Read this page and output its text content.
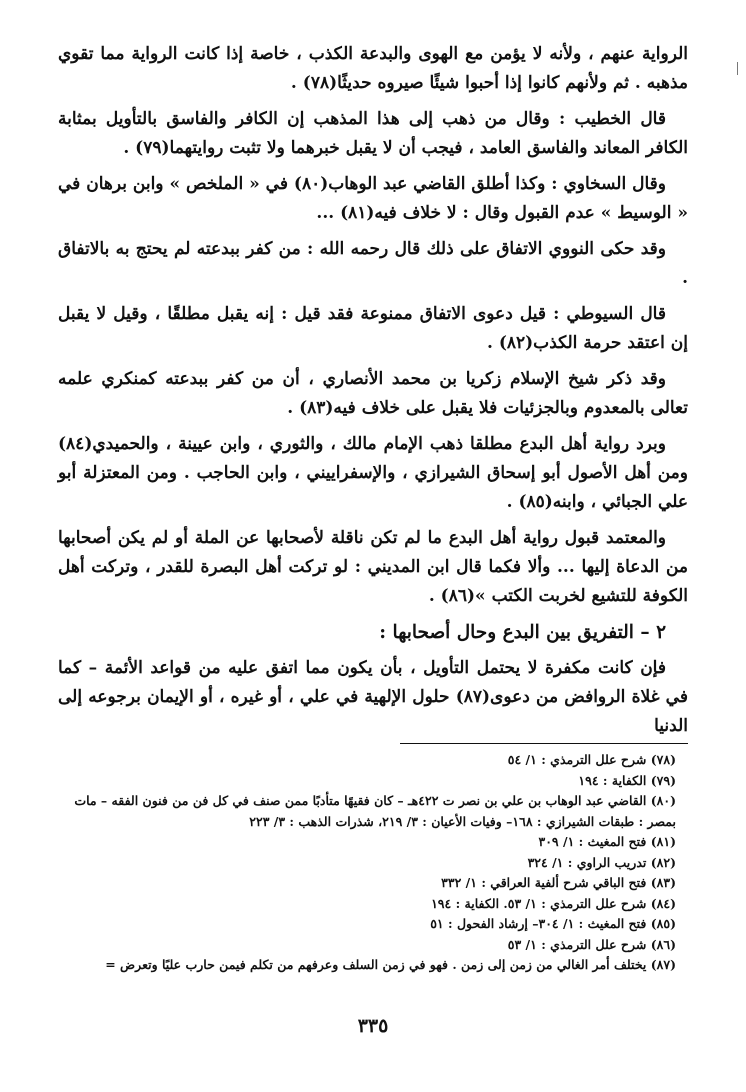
الرواية عنهم ، ولأنه لا يؤمن مع الهوى والبدعة الكذب ، خاصة إذا كانت الرواية مما تقوي مذهبه . ثم ولأنهم كانوا إذا أحبوا شيئًا صيروه حديثًا(٧٨) .

قال الخطيب : وقال من ذهب إلى هذا المذهب إن الكافر والفاسق بالتأويل بمثابة الكافر المعاند والفاسق العامد ، فيجب أن لا يقبل خبرهما ولا تثبت روايتهما(٧٩) .

وقال السخاوي : وكذا أطلق القاضي عبد الوهاب(٨٠) في « الملخص » وابن برهان في « الوسيط » عدم القبول وقال : لا خلاف فيه(٨١) ...

وقد حكى النووي الاتفاق على ذلك قال رحمه الله : من كفر ببدعته لم يحتج به بالاتفاق .

قال السيوطي : قيل دعوى الاتفاق ممنوعة فقد قيل : إنه يقبل مطلقًا ، وقيل لا يقبل إن اعتقد حرمة الكذب(٨٢) .

وقد ذكر شيخ الإسلام زكريا بن محمد الأنصاري ، أن من كفر ببدعته كمنكري علمه تعالى بالمعدوم وبالجزئيات فلا يقبل على خلاف فيه(٨٣) .

وبرد رواية أهل البدع مطلقا ذهب الإمام مالك ، والثوري ، وابن عيينة ، والحميدي(٨٤) ومن أهل الأصول أبو إسحاق الشيرازي ، والإسفراييني ، وابن الحاجب . ومن المعتزلة أبو علي الجبائي ، وابنه(٨٥) .

والمعتمد قبول رواية أهل البدع ما لم تكن ناقلة لأصحابها عن الملة أو لم يكن أصحابها من الدعاة إليها ... وألا فكما قال ابن المديني : لو تركت أهل البصرة للقدر ، وتركت أهل الكوفة للتشيع لخربت الكتب »(٨٦) .

٢ – التفريق بين البدع وحال أصحابها :

فإن كانت مكفرة لا يحتمل التأويل ، بأن يكون مما اتفق عليه من قواعد الأئمة – كما في غلاة الروافض من دعوى(٨٧) حلول الإلهية في علي ، أو غيره ، أو الإيمان برجوعه إلى الدنيا

(٧٨) شرح علل الترمذي : ١/ ٥٤
(٧٩) الكفاية : ١٩٤
(٨٠) القاضي عبد الوهاب بن علي بن نصر ت ٤٢٢هـ – كان فقيهًا متأدبًا ممن صنف في كل فن من فنون الفقه – مات بمصر : طبقات الشيرازي : ١٦٨– وفيات الأعيان : ٣/ ٢١٩، شذرات الذهب : ٣/ ٢٢٣
(٨١) فتح المغيث : ١/ ٣٠٩
(٨٢) تدريب الراوي : ١/ ٣٢٤
(٨٣) فتح الباقي شرح ألفية العراقي : ١/ ٣٣٢
(٨٤) شرح علل الترمذي : ١/ ٥٣. الكفاية : ١٩٤
(٨٥) فتح المغيث : ١/ ٣٠٤– إرشاد الفحول : ٥١
(٨٦) شرح علل الترمذي : ١/ ٥٣
(٨٧) يختلف أمر الغالي من زمن إلى زمن . فهو في زمن السلف وعرفهم من تكلم فيمن حارب عليًا وتعرض =
٣٣٥
